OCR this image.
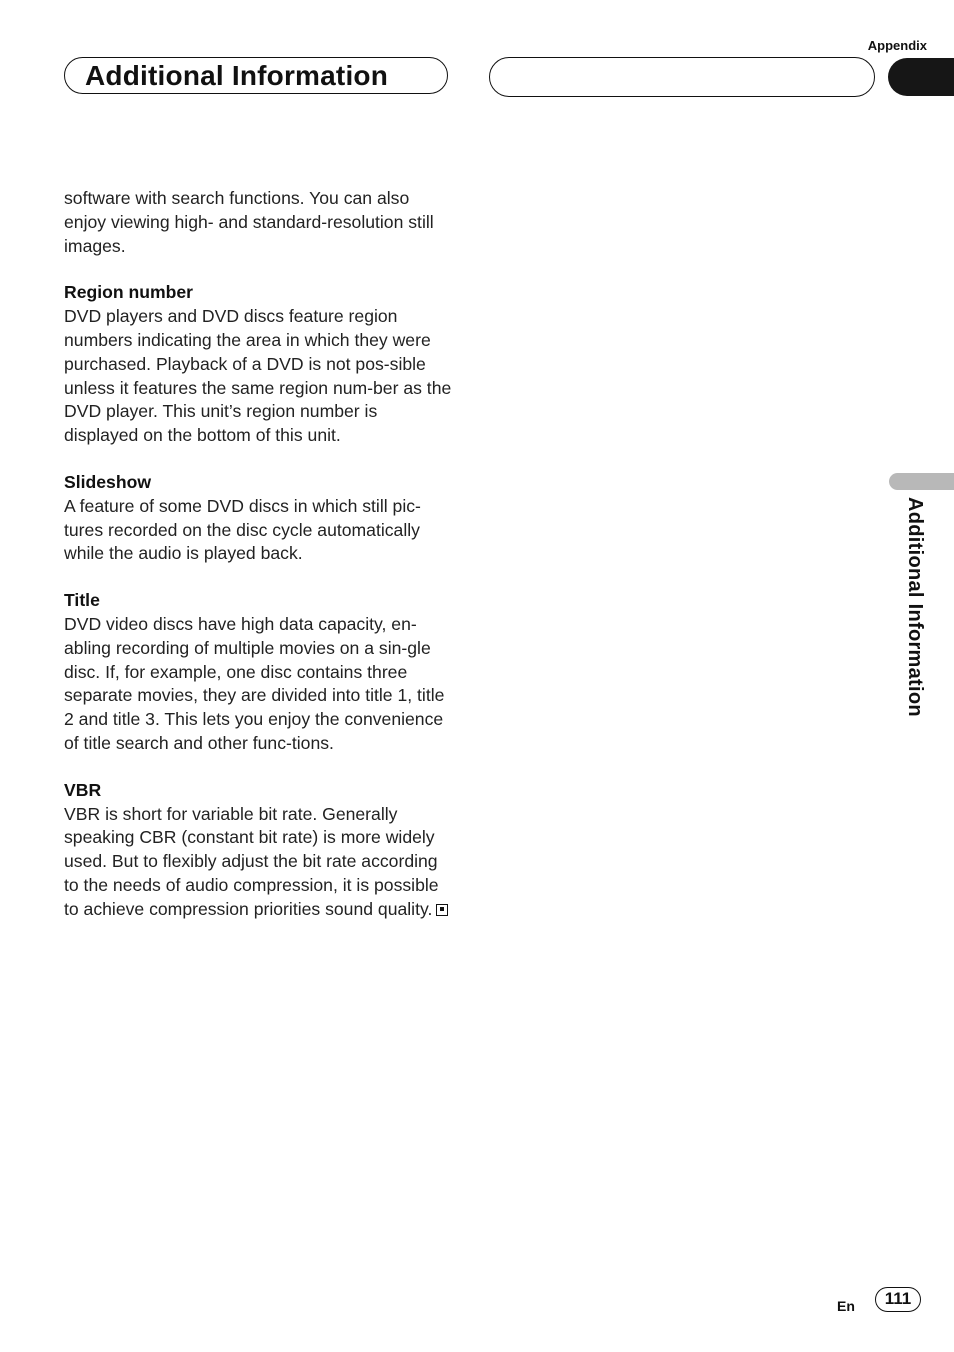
Appendix
Additional Information
Additional Information

software with search functions. You can also enjoy viewing high- and standard-resolution still images.

Region number

DVD players and DVD discs feature region numbers indicating the area in which they were purchased. Playback of a DVD is not pos-sible unless it features the same region num-ber as the DVD player. This unit’s region number is displayed on the bottom of this unit.

Slideshow

A feature of some DVD discs in which still pic-tures recorded on the disc cycle automatically while the audio is played back.

Title

DVD video discs have high data capacity, en-abling recording of multiple movies on a sin-gle disc. If, for example, one disc contains three separate movies, they are divided into title 1, title 2 and title 3. This lets you enjoy the convenience of title search and other func-tions.

VBR

VBR is short for variable bit rate. Generally speaking CBR (constant bit rate) is more widely used. But to flexibly adjust the bit rate according to the needs of audio compression, it is possible to achieve compression priorities sound quality.

En	111
